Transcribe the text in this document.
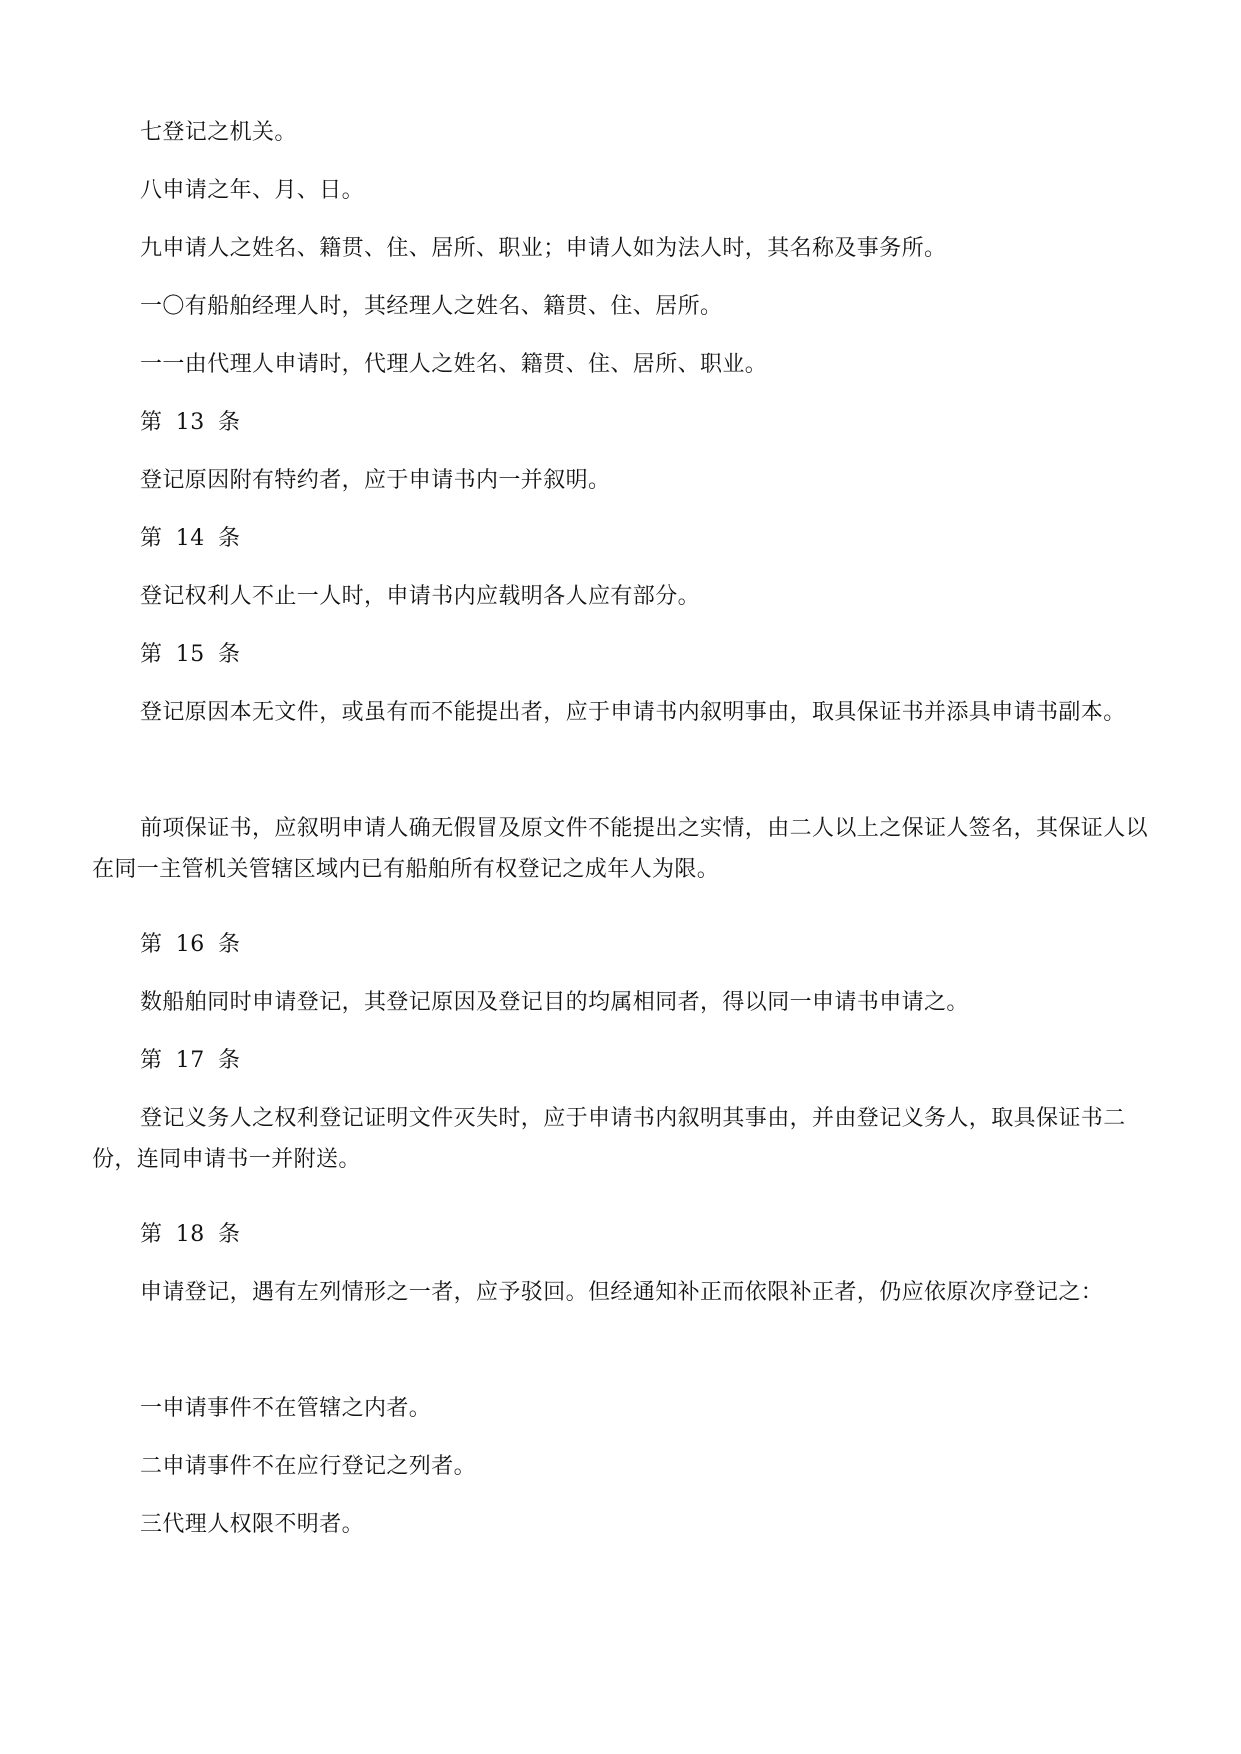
七登记之机关。

八申请之年、月、日。

九申请人之姓名、籍贯、住、居所、职业；申请人如为法人时，其名称及事务所。

一〇有船舶经理人时，其经理人之姓名、籍贯、住、居所。

一一由代理人申请时，代理人之姓名、籍贯、住、居所、职业。

第 13 条

登记原因附有特约者，应于申请书内一并叙明。

第 14 条

登记权利人不止一人时，申请书内应载明各人应有部分。

第 15 条

登记原因本无文件，或虽有而不能提出者，应于申请书内叙明事由，取具保证书并添具申请书副本。

前项保证书，应叙明申请人确无假冒及原文件不能提出之实情，由二人以上之保证人签名，其保证人以在同一主管机关管辖区域内已有船舶所有权登记之成年人为限。

第 16 条

数船舶同时申请登记，其登记原因及登记目的均属相同者，得以同一申请书申请之。

第 17 条

登记义务人之权利登记证明文件灭失时，应于申请书内叙明其事由，并由登记义务人，取具保证书二份，连同申请书一并附送。

第 18 条

申请登记，遇有左列情形之一者，应予驳回。但经通知补正而依限补正者，仍应依原次序登记之：

一申请事件不在管辖之内者。

二申请事件不在应行登记之列者。

三代理人权限不明者。
